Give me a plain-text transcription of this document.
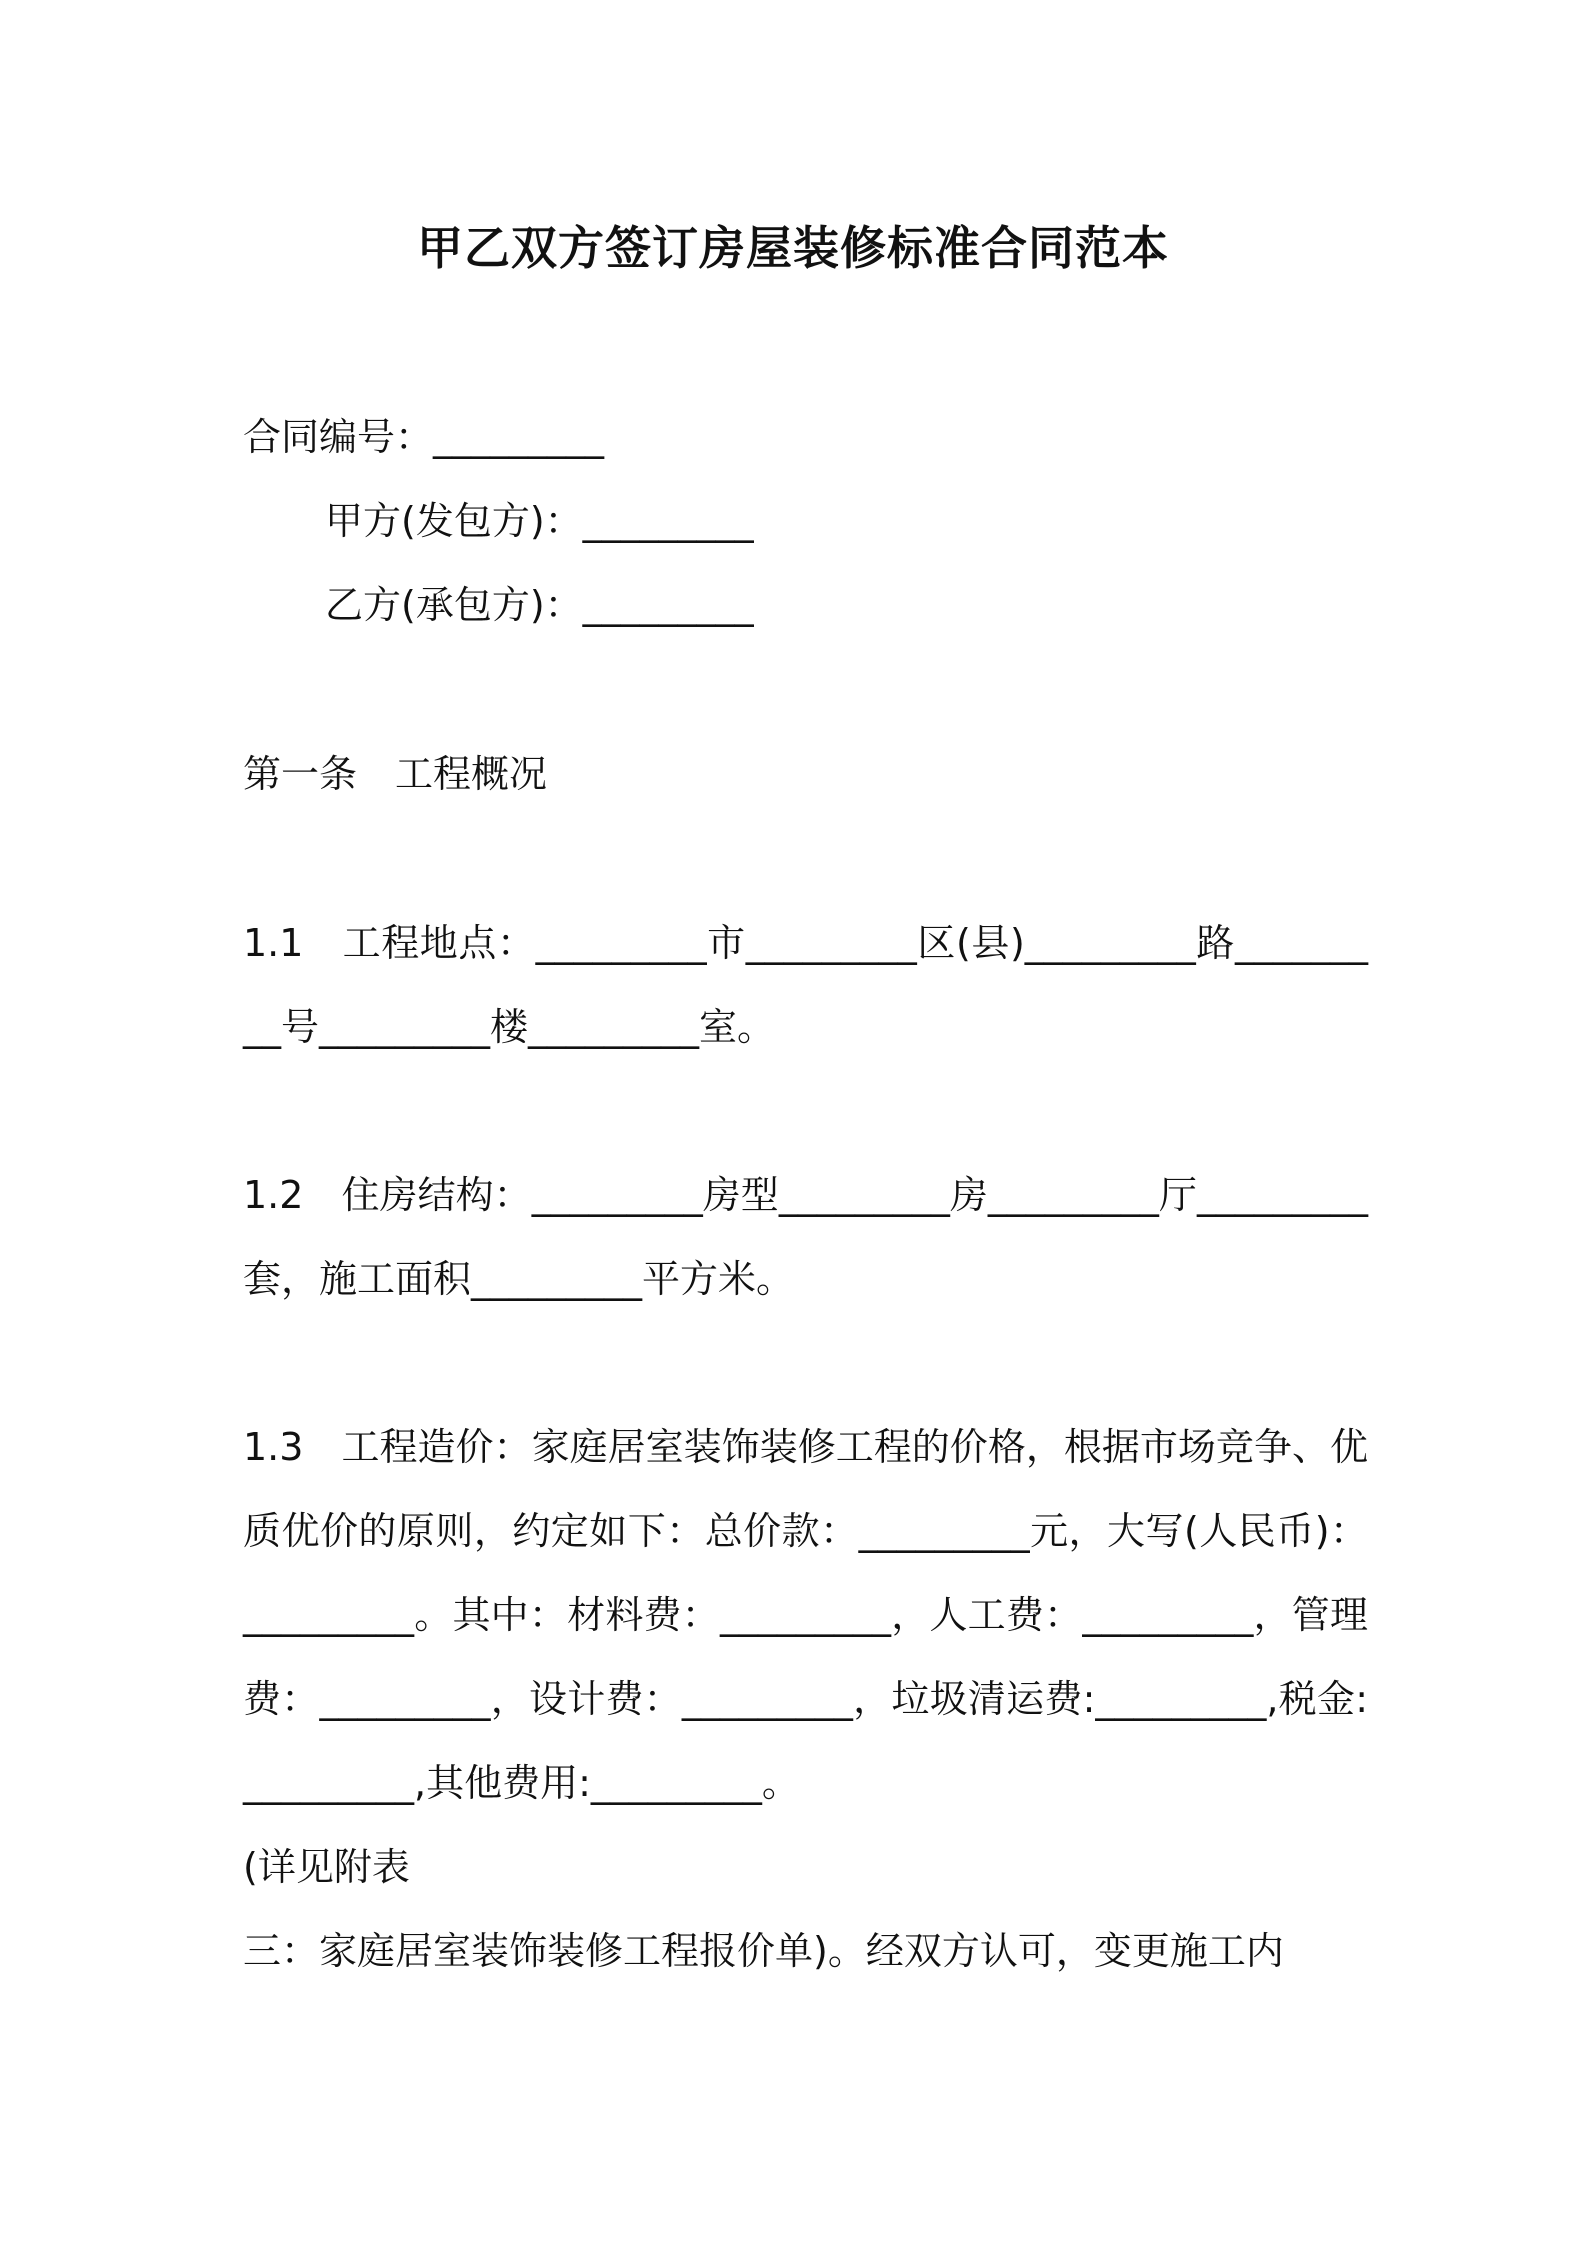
甲乙双方签订房屋装修标准合同范本
合同编号：_________
甲方(发包方)：_________
乙方(承包方)：_________
第一条　工程概况
1.1　工程地点：_________市_________区(县)_________路_________号_________楼_________室。
1.2　住房结构：_________房型_________房_________厅_________套，施工面积_________平方米。
1.3　工程造价：家庭居室装饰装修工程的价格，根据市场竞争、优质优价的原则，约定如下：总价款：_________元，大写(人民币)：_________。其中：材料费：_________，人工费：_________，管理费：_________，设计费：_________，垃圾清运费:_________,税金:_________,其他费用:_________。
(详见附表
三：家庭居室装饰装修工程报价单)。经双方认可，变更施工内
